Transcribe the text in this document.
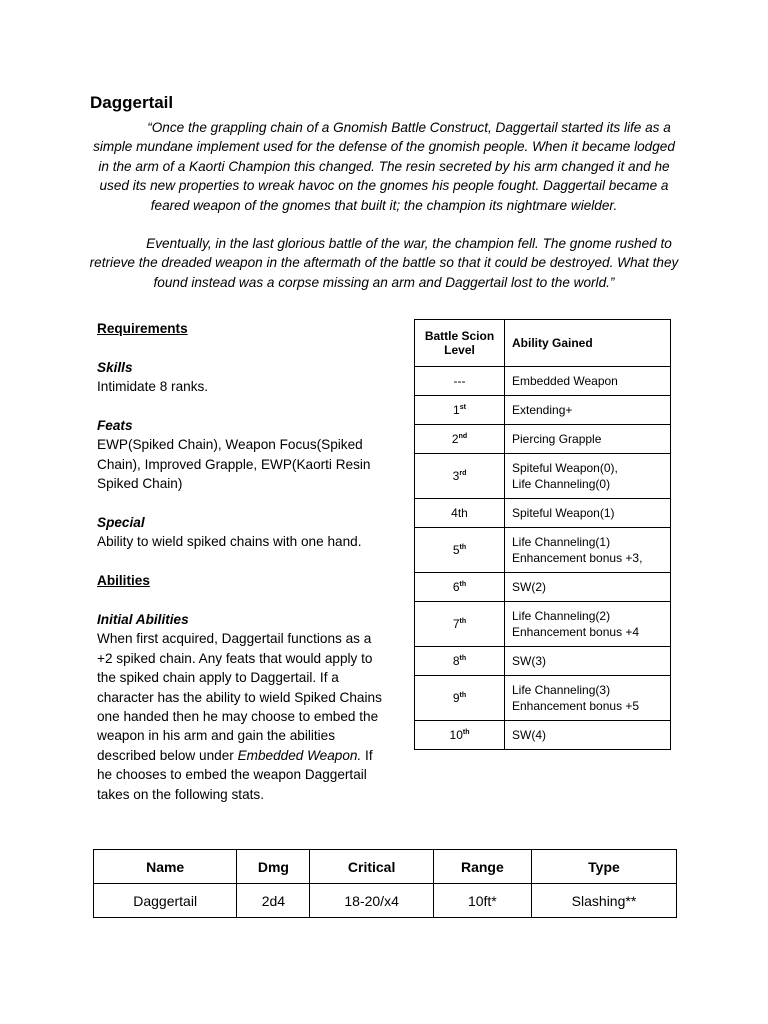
Daggertail

“Once the grappling chain of a Gnomish Battle Construct, Daggertail started its life as a simple mundane implement used for the defense of the gnomish people. When it became lodged in the arm of a Kaorti Champion this changed. The resin secreted by his arm changed it and he used its new properties to wreak havoc on the gnomes his people fought. Daggertail became a feared weapon of the gnomes that built it; the champion its nightmare wielder.

Eventually, in the last glorious battle of the war, the champion fell. The gnome rushed to retrieve the dreaded weapon in the aftermath of the battle so that it could be destroyed. What they found instead was a corpse missing an arm and Daggertail lost to the world.”

Requirements
Skills
Intimidate 8 ranks.
Feats
EWP(Spiked Chain), Weapon Focus(Spiked Chain), Improved Grapple, EWP(Kaorti Resin Spiked Chain)
Special
Ability to wield spiked chains with one hand.
Abilities
Initial Abilities
When first acquired, Daggertail functions as a +2 spiked chain. Any feats that would apply to the spiked chain apply to Daggertail. If a character has the ability to wield Spiked Chains one handed then he may choose to embed the weapon in his arm and gain the abilities described below under Embedded Weapon. If he chooses to embed the weapon Daggertail takes on the following stats.
Battle Scion Level	Ability Gained
---	Embedded Weapon
1st	Extending+
2nd	Piercing Grapple
3rd	Spiteful Weapon(0),
Life Channeling(0)
4th	Spiteful Weapon(1)
5th	Life Channeling(1)
Enhancement bonus +3,
6th	SW(2)
7th	Life Channeling(2)
Enhancement bonus +4
8th	SW(3)
9th	Life Channeling(3)
Enhancement bonus +5
10th	SW(4)
Name	Dmg	Critical	Range	Type
Daggertail	2d4	18-20/x4	10ft*	Slashing**
